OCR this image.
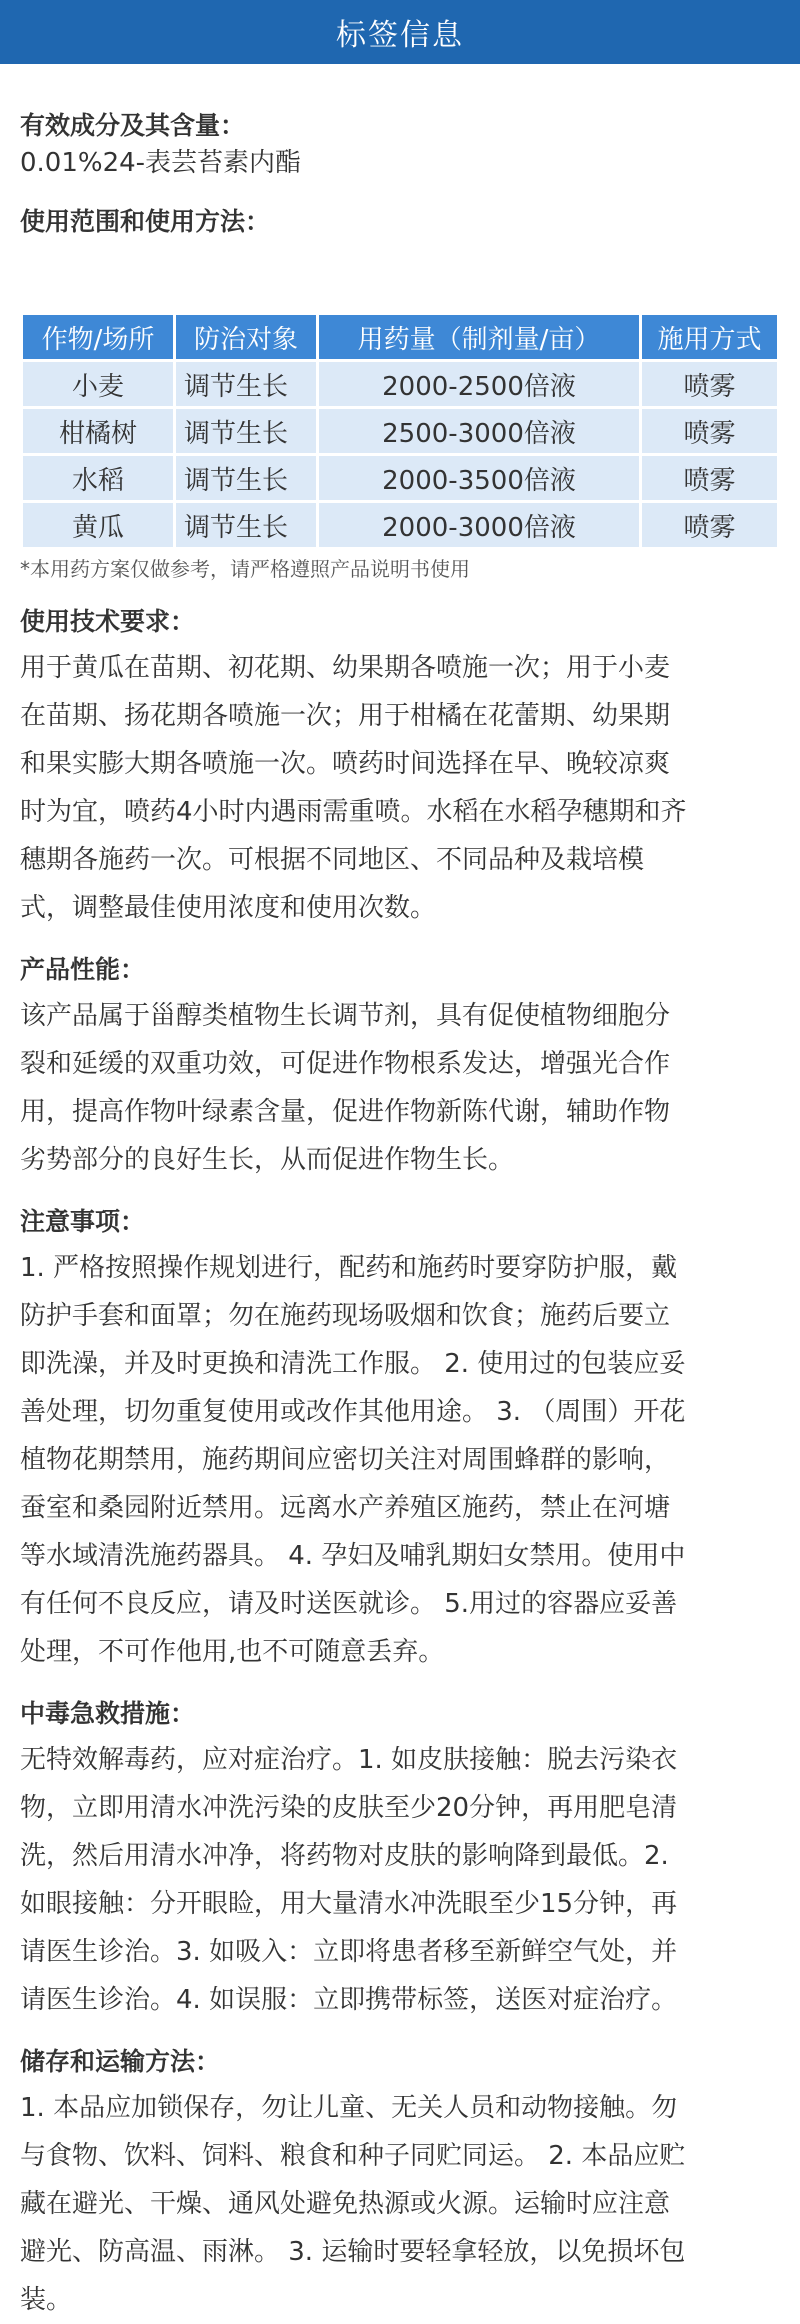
标签信息

有效成分及其含量：

0.01%24-表芸苔素内酯

使用范围和使用方法：

作物/场所	防治对象	用药量（制剂量/亩）	施用方式
小麦	调节生长	2000-2500倍液	喷雾
柑橘树	调节生长	2500-3000倍液	喷雾
水稻	调节生长	2000-3500倍液	喷雾
黄瓜	调节生长	2000-3000倍液	喷雾

*本用药方案仅做参考，请严格遵照产品说明书使用

使用技术要求：

用于黄瓜在苗期、初花期、幼果期各喷施一次；用于小麦

在苗期、扬花期各喷施一次；用于柑橘在花蕾期、幼果期

和果实膨大期各喷施一次。喷药时间选择在早、晚较凉爽

时为宜，喷药4小时内遇雨需重喷。水稻在水稻孕穗期和齐

穗期各施药一次。可根据不同地区、不同品种及栽培模

式，调整最佳使用浓度和使用次数。

产品性能：

该产品属于甾醇类植物生长调节剂，具有促使植物细胞分

裂和延缓的双重功效，可促进作物根系发达，增强光合作

用，提高作物叶绿素含量，促进作物新陈代谢，辅助作物

劣势部分的良好生长，从而促进作物生长。

注意事项：

1. 严格按照操作规划进行，配药和施药时要穿防护服，戴

防护手套和面罩；勿在施药现场吸烟和饮食；施药后要立

即洗澡，并及时更换和清洗工作服。 2. 使用过的包装应妥

善处理，切勿重复使用或改作其他用途。 3. （周围）开花

植物花期禁用，施药期间应密切关注对周围蜂群的影响，

蚕室和桑园附近禁用。远离水产养殖区施药，禁止在河塘

等水域清洗施药器具。 4. 孕妇及哺乳期妇女禁用。使用中

有任何不良反应，请及时送医就诊。 5.用过的容器应妥善

处理，不可作他用,也不可随意丢弃。

中毒急救措施：

无特效解毒药，应对症治疗。1. 如皮肤接触：脱去污染衣

物，立即用清水冲洗污染的皮肤至少20分钟，再用肥皂清

洗，然后用清水冲净，将药物对皮肤的影响降到最低。2.

如眼接触：分开眼睑，用大量清水冲洗眼至少15分钟，再

请医生诊治。3. 如吸入：立即将患者移至新鲜空气处，并

请医生诊治。4. 如误服：立即携带标签，送医对症治疗。

储存和运输方法：

1. 本品应加锁保存，勿让儿童、无关人员和动物接触。勿

与食物、饮料、饲料、粮食和种子同贮同运。 2. 本品应贮

藏在避光、干燥、通风处避免热源或火源。运输时应注意

避光、防高温、雨淋。 3. 运输时要轻拿轻放，以免损坏包

装。
